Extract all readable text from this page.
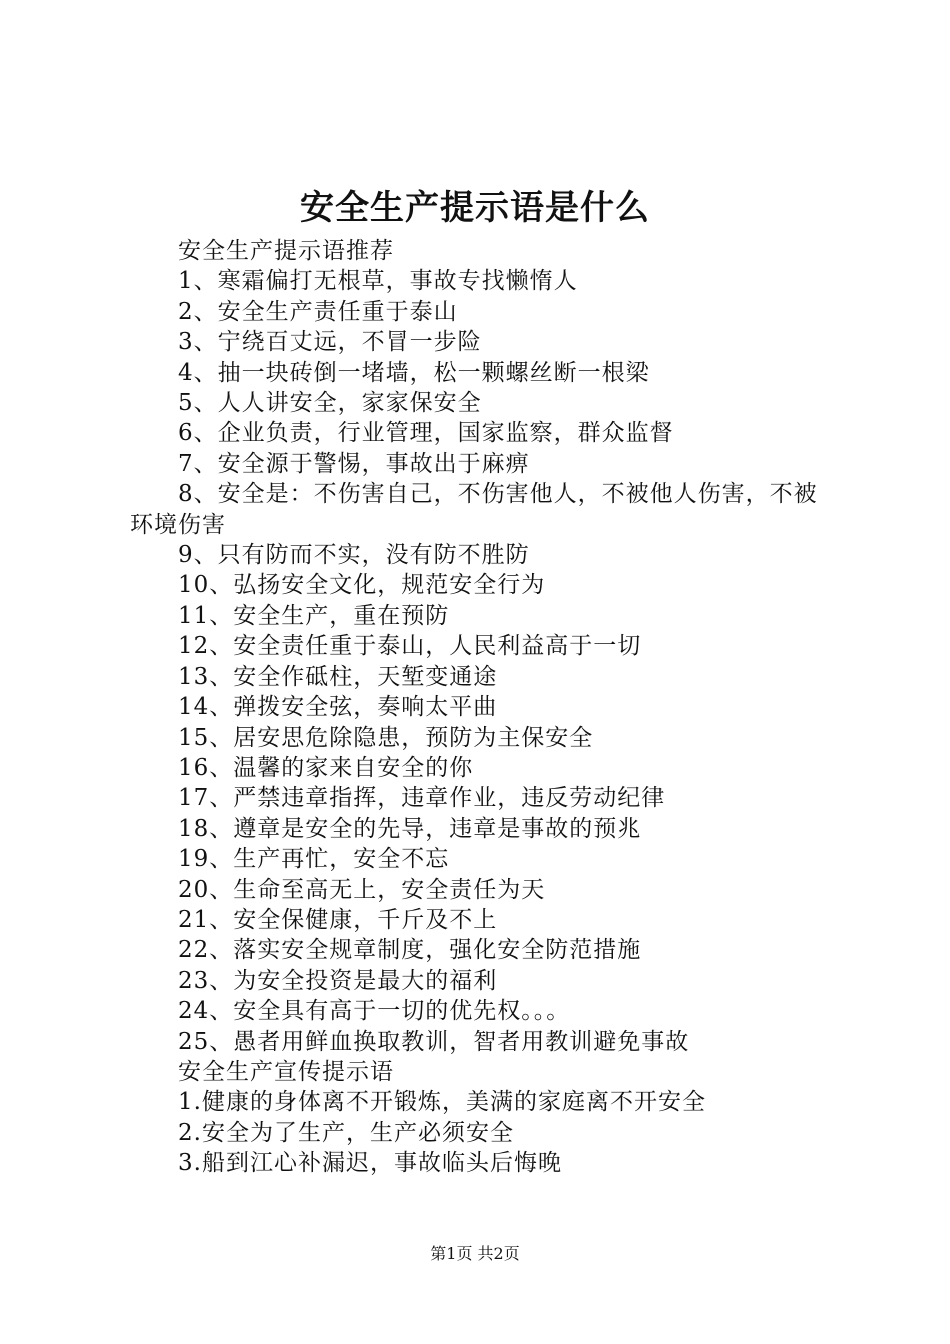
安全生产提示语是什么

安全生产提示语推荐

1、寒霜偏打无根草，事故专找懒惰人

2、安全生产责任重于泰山

3、宁绕百丈远，不冒一步险

4、抽一块砖倒一堵墙，松一颗螺丝断一根梁

5、人人讲安全，家家保安全

6、企业负责，行业管理，国家监察，群众监督

7、安全源于警惕，事故出于麻痹

8、安全是：不伤害自己，不伤害他人，不被他人伤害，不被环境伤害

9、只有防而不实，没有防不胜防

10、弘扬安全文化，规范安全行为

11、安全生产，重在预防

12、安全责任重于泰山，人民利益高于一切

13、安全作砥柱，天堑变通途

14、弹拨安全弦，奏响太平曲

15、居安思危除隐患，预防为主保安全

16、温馨的家来自安全的你

17、严禁违章指挥，违章作业，违反劳动纪律

18、遵章是安全的先导，违章是事故的预兆

19、生产再忙，安全不忘

20、生命至高无上，安全责任为天

21、安全保健康，千斤及不上

22、落实安全规章制度，强化安全防范措施

23、为安全投资是最大的福利

24、安全具有高于一切的优先权。。。

25、愚者用鲜血换取教训，智者用教训避免事故

安全生产宣传提示语

1.健康的身体离不开锻炼，美满的家庭离不开安全

2.安全为了生产，生产必须安全

3.船到江心补漏迟，事故临头后悔晚

第1页 共2页
